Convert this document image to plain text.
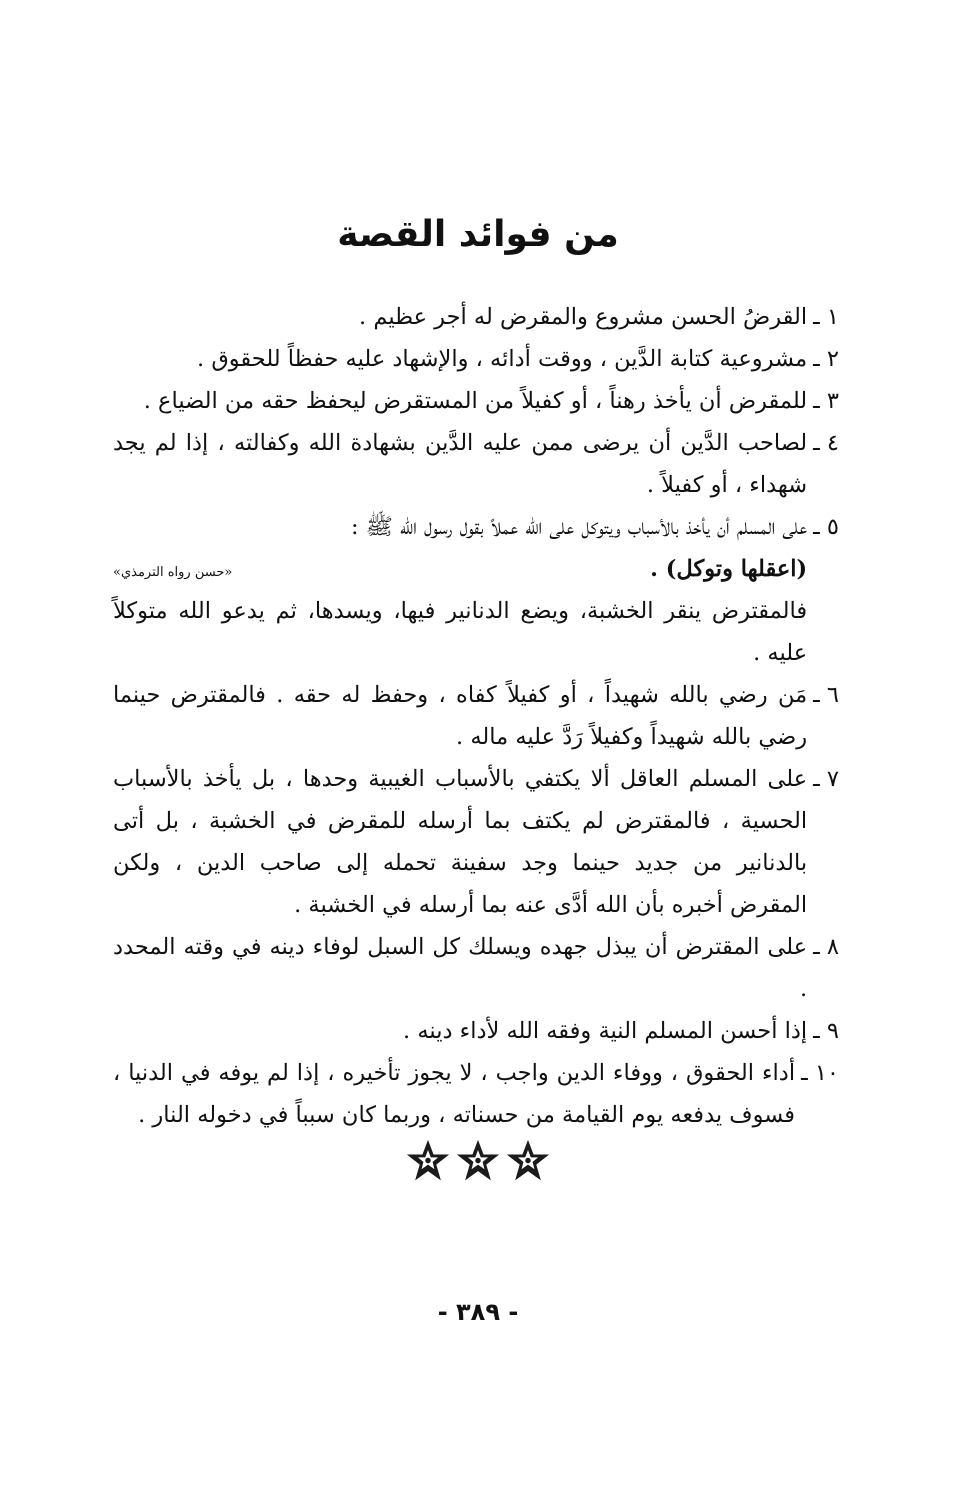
من فوائد القصة
١ ـ
القرضُ الحسن مشروع والمقرض له أجر عظيم .
٢ ـ
مشروعية كتابة الدَّين ، ووقت أدائه ، والإشهاد عليه حفظاً للحقوق .
٣ ـ
للمقرض أن يأخذ رهناً ، أو كفيلاً من المستقرض ليحفظ حقه من الضياع .
٤ ـ
لصاحب الدَّين أن يرضى ممن عليه الدَّين بشهادة الله وكفالته ، إذا لم يجد شهداء ، أو كفيلاً .
٥ ـ
على المسلم أن يأخذ بالأسباب ويتوكل على الله عملاً بقول رسول الله ﷺ :
(اعقلها وتوكل) .
«حسن رواه الترمذي»
فالمقترض ينقر الخشبة، ويضع الدنانير فيها، ويسدها، ثم يدعو الله متوكلاً عليه .
٦ ـ
مَن رضي بالله شهيداً ، أو كفيلاً كفاه ، وحفظ له حقه . فالمقترض حينما رضي بالله شهيداً وكفيلاً رَدَّ عليه ماله .
٧ ـ
على المسلم العاقل ألا يكتفي بالأسباب الغيبية وحدها ، بل يأخذ بالأسباب الحسية ، فالمقترض لم يكتف بما أرسله للمقرض في الخشبة ، بل أتى بالدنانير من جديد حينما وجد سفينة تحمله إلى صاحب الدين ، ولكن المقرض أخبره بأن الله أدَّى عنه بما أرسله في الخشبة .
٨ ـ
على المقترض أن يبذل جهده ويسلك كل السبل لوفاء دينه في وقته المحدد .
٩ ـ
إذا أحسن المسلم النية وفقه الله لأداء دينه .
١٠ ـ
أداء الحقوق ، ووفاء الدين واجب ، لا يجوز تأخيره ، إذا لم يوفه في الدنيا ، فسوف يدفعه يوم القيامة من حسناته ، وربما كان سبباً في دخوله النار .
- ٣٨٩ -
